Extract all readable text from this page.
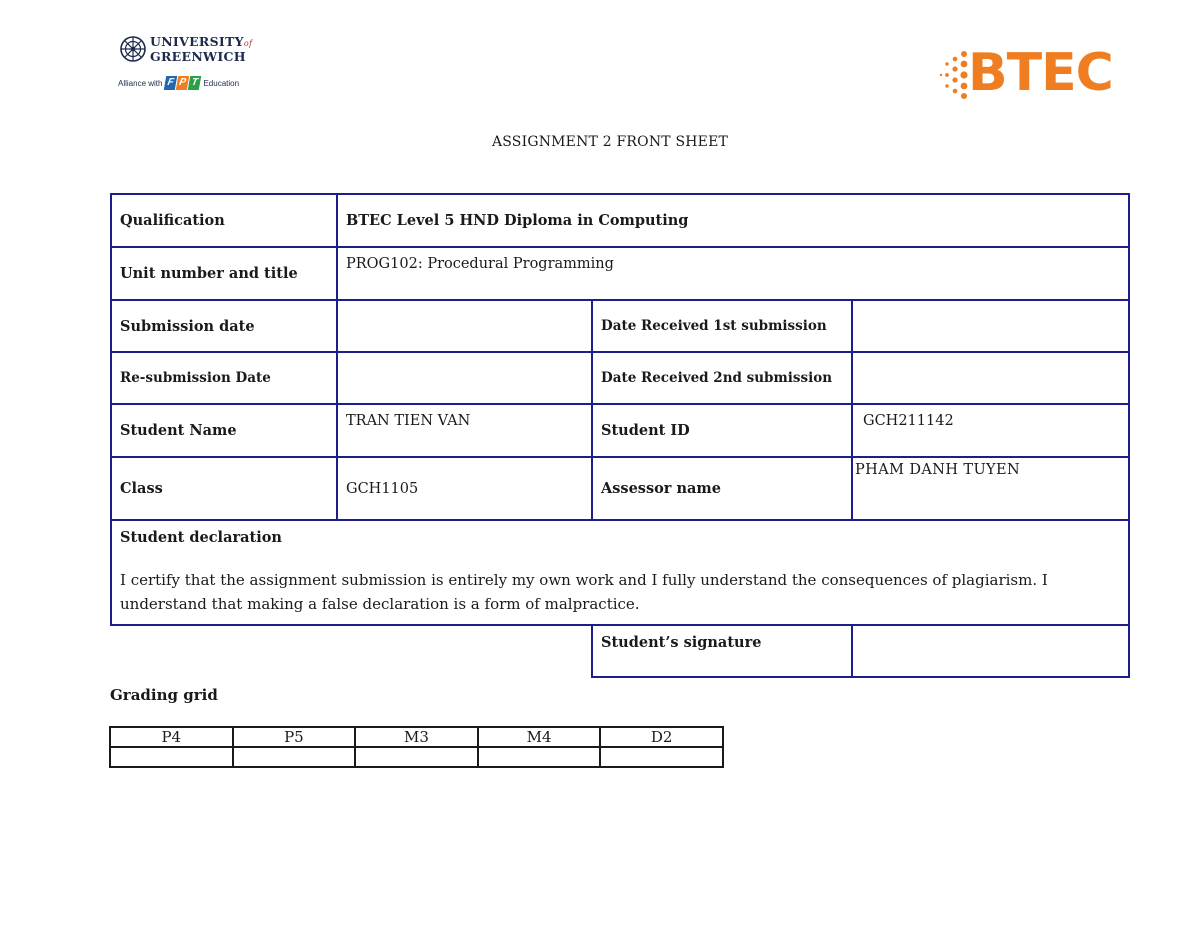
UNIVERSITYof
GREENWICH
Alliance with F P T Education	BTEC
ASSIGNMENT 2 FRONT SHEET
Qualification	BTEC Level 5 HND Diploma in Computing		
Unit number and title	PROG102: Procedural Programming		
Submission date		Date Received 1st submission	
Re-submission Date		Date Received 2nd submission	
Student Name	TRAN TIEN VAN	Student ID	GCH211142
Class	GCH1105	Assessor name	PHAM DANH TUYEN

Student declaration
I certify that the assignment submission is entirely my own work and I fully understand the consequences of plagiarism. I understand that making a false declaration is a form of malpractice.			

		Student’s signature	
Grading grid
P4	P5	M3	M4	D2
